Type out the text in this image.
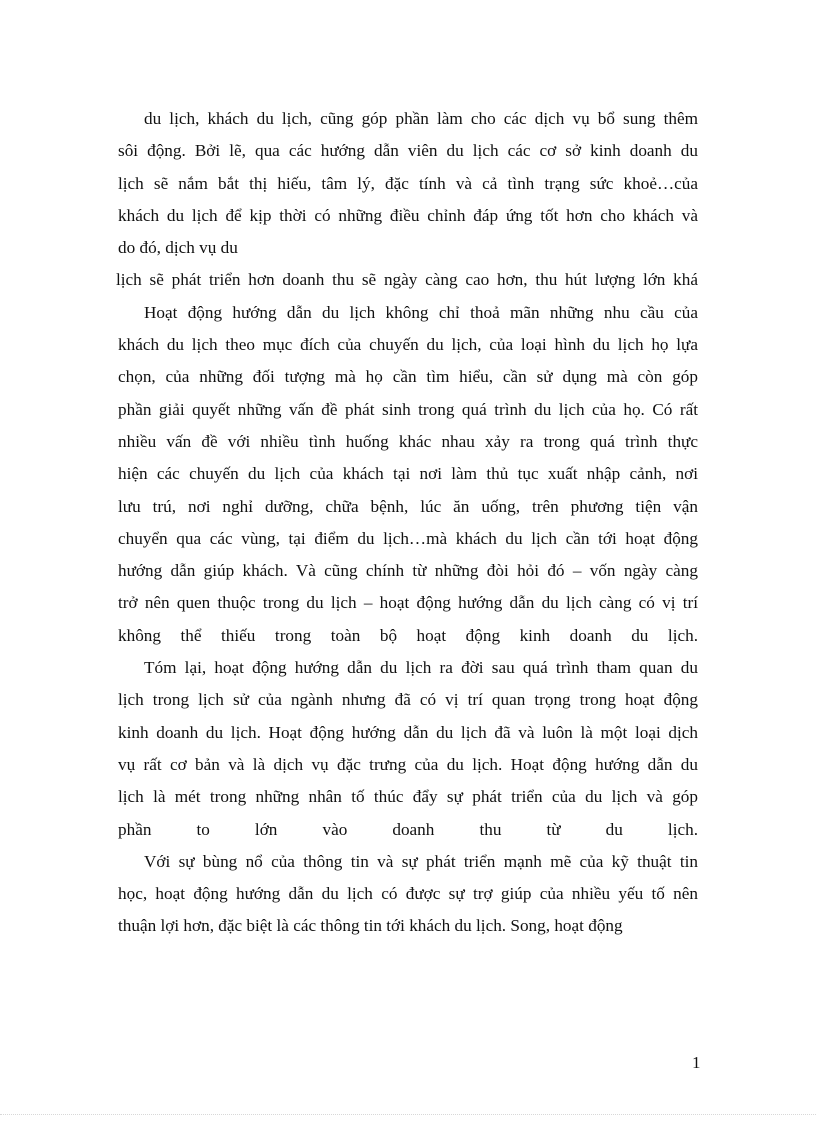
du lịch, khách du lịch, cũng góp phần làm cho các dịch vụ bổ sung thêm
sôi động. Bởi lẽ, qua các hướng dẫn viên du lịch các cơ sở kinh doanh du
lịch sẽ nắm bắt thị hiếu, tâm lý, đặc tính và cả tình trạng sức khoẻ…của
khách du lịch để kịp thời có những điều chỉnh đáp ứng tốt hơn cho khách và
do đó, dịch vụ du
lịch sẽ phát triển hơn doanh thu sẽ ngày càng cao hơn, thu hút lượng lớn khá
Hoạt động hướng dẫn du lịch không chỉ thoả mãn những nhu cầu của
khách du lịch theo mục đích của chuyến du lịch, của loại hình du lịch họ lựa
chọn, của những đối tượng mà họ cần tìm hiểu, cần sử dụng mà còn góp
phần giải quyết những vấn đề phát sinh trong quá trình du lịch của họ. Có rất
nhiều vấn đề với nhiều tình huống khác nhau xảy ra trong quá trình thực
hiện các chuyến du lịch của khách tại nơi làm thủ tục xuất nhập cảnh, nơi
lưu trú, nơi nghỉ dưỡng, chữa bệnh, lúc ăn uống, trên phương tiện vận
chuyển qua các vùng, tại điểm du lịch…mà khách du lịch cần tới hoạt động
hướng dẫn giúp khách. Và cũng chính từ những đòi hỏi đó – vốn ngày càng
trở nên quen thuộc trong du lịch – hoạt động hướng dẫn du lịch càng có vị trí
không thể thiếu trong toàn bộ hoạt động kinh doanh du lịch.
Tóm lại, hoạt động hướng dẫn du lịch ra đời sau quá trình tham quan du
lịch trong lịch sử của ngành nhưng đã có vị trí quan trọng trong hoạt động
kinh doanh du lịch. Hoạt động hướng dẫn du lịch đã và luôn là một loại dịch
vụ rất cơ bản và là dịch vụ đặc trưng của du lịch. Hoạt động hướng dẫn du
lịch là mét trong những nhân tố thúc đẩy sự phát triển của du lịch và góp
phần to lớn vào doanh thu từ du lịch.
Với sự bùng nổ của thông tin và sự phát triển mạnh mẽ của kỹ thuật tin
học, hoạt động hướng dẫn du lịch có được sự trợ giúp của nhiều yếu tố nên
thuận lợi hơn, đặc biệt là các thông tin tới khách du lịch. Song, hoạt động
1
